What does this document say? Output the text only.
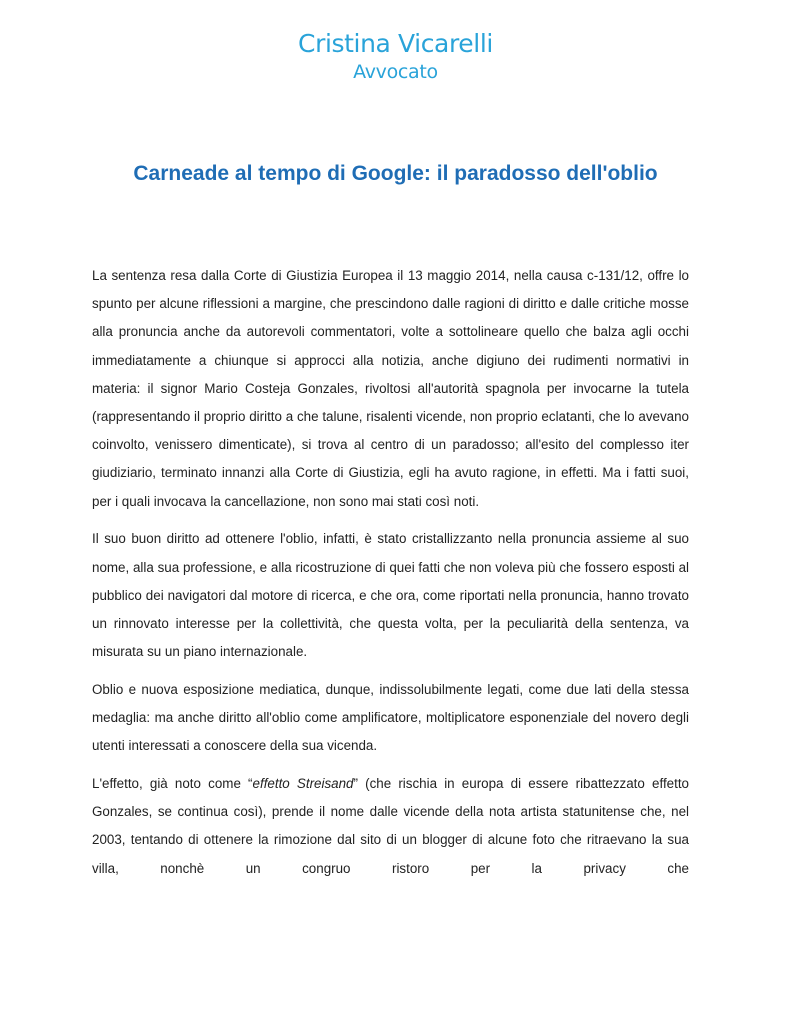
Cristina Vicarelli
Avvocato
Carneade al tempo di Google: il paradosso dell'oblio

La sentenza resa dalla Corte di Giustizia Europea il 13 maggio 2014, nella causa c-131/12, offre lo spunto per alcune riflessioni a margine, che prescindono dalle ragioni di diritto e dalle critiche mosse alla pronuncia anche da autorevoli commentatori, volte a sottolineare quello che balza agli occhi immediatamente a chiunque si approcci alla notizia, anche digiuno dei rudimenti normativi in materia: il signor Mario Costeja Gonzales, rivoltosi all'autorità spagnola per invocarne la tutela (rappresentando il proprio diritto a che talune, risalenti vicende, non proprio eclatanti, che lo avevano coinvolto, venissero dimenticate), si trova al centro di un paradosso; all'esito del complesso iter giudiziario, terminato innanzi alla Corte di Giustizia, egli ha avuto ragione, in effetti. Ma i fatti suoi, per i quali invocava la cancellazione, non sono mai stati così noti.

Il suo buon diritto ad ottenere l'oblio, infatti, è stato cristallizzanto nella pronuncia assieme al suo nome, alla sua professione, e alla ricostruzione di quei fatti che non voleva più che fossero esposti al pubblico dei navigatori dal motore di ricerca, e che ora, come riportati nella pronuncia, hanno trovato un rinnovato interesse per la collettività, che questa volta, per la peculiarità della sentenza, va misurata su un piano internazionale.

Oblio e nuova esposizione mediatica, dunque, indissolubilmente legati, come due lati della stessa medaglia: ma anche diritto all'oblio come amplificatore, moltiplicatore esponenziale del novero degli utenti interessati a conoscere della sua vicenda.

L'effetto, già noto come “effetto Streisand” (che rischia in europa di essere ribattezzato effetto Gonzales, se continua così), prende il nome dalle vicende della nota artista statunitense che, nel 2003, tentando di ottenere la rimozione dal sito di un blogger di alcune foto che ritraevano la sua villa, nonchè un congruo ristoro per la privacy che
